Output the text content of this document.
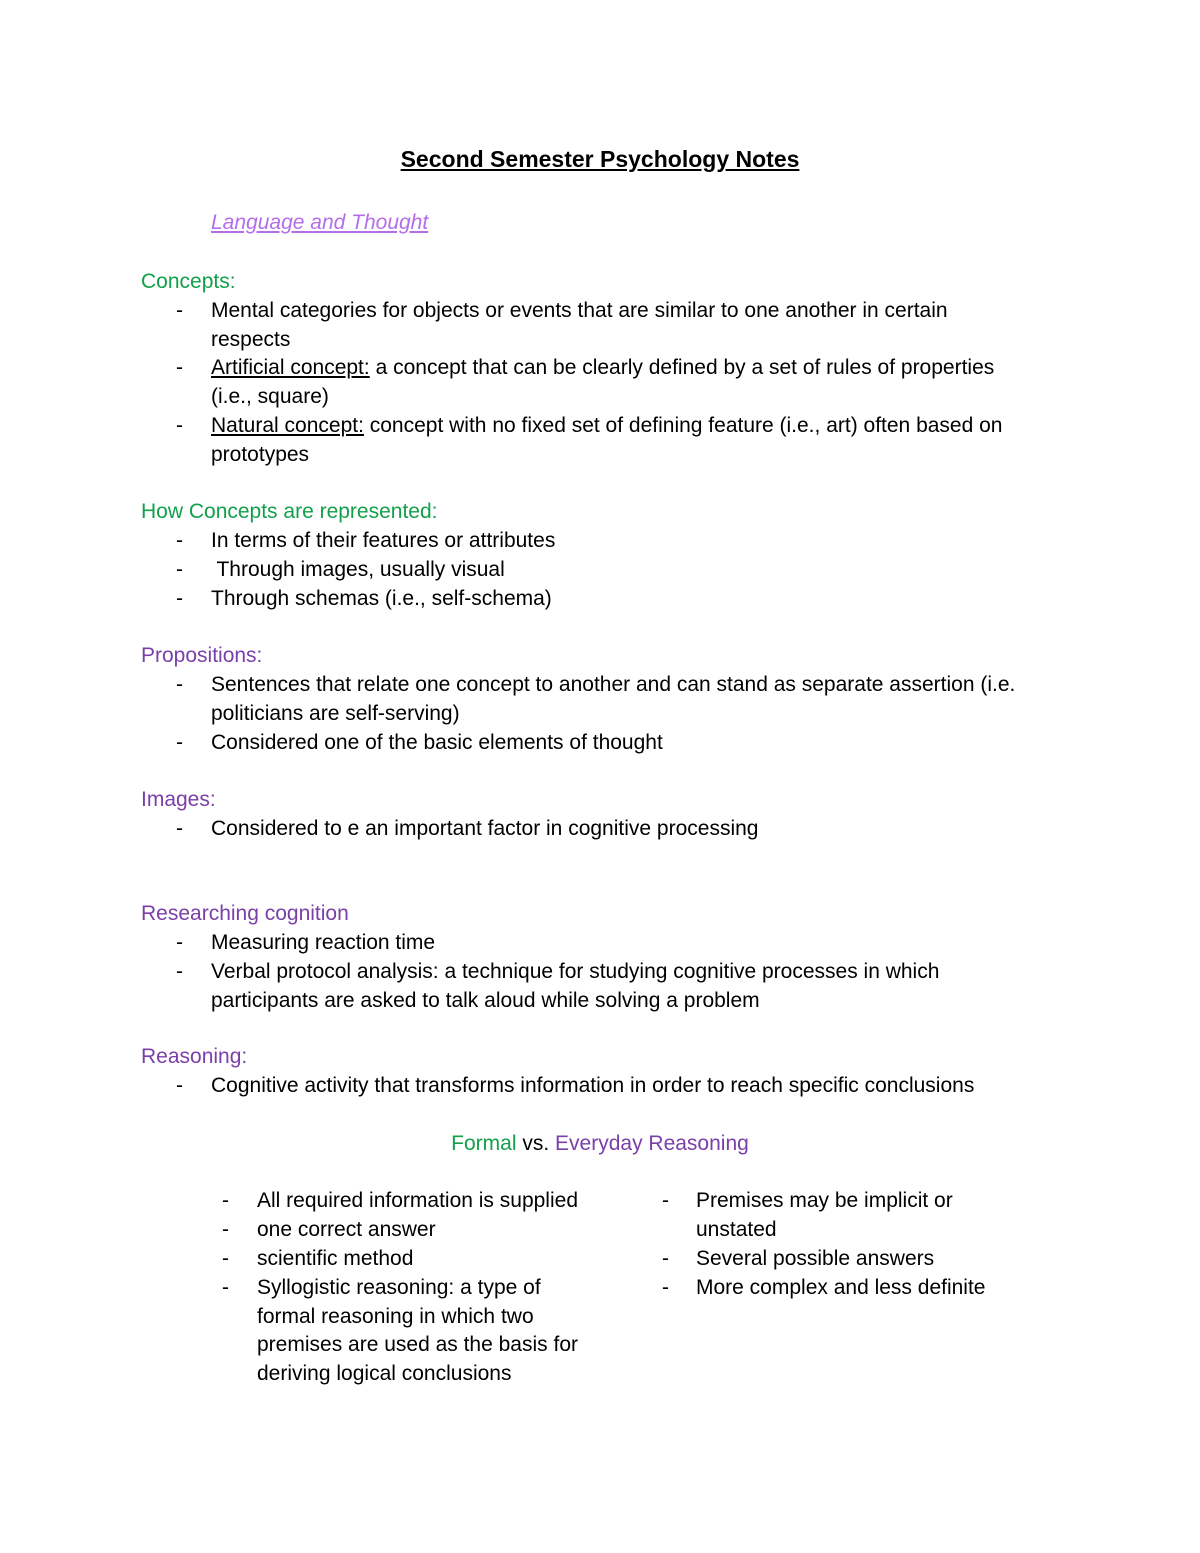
Second Semester Psychology Notes
Language and Thought
Concepts:
- Mental categories for objects or events that are similar to one another in certain
respects
- Artificial concept: a concept that can be clearly defined by a set of rules of properties
(i.e., square)
- Natural concept: concept with no fixed set of defining feature (i.e., art) often based on
prototypes
How Concepts are represented:
- In terms of their features or attributes
- Through images, usually visual
- Through schemas (i.e., self-schema)
Propositions:
- Sentences that relate one concept to another and can stand as separate assertion (i.e.
politicians are self-serving)
- Considered one of the basic elements of thought
Images:
- Considered to e an important factor in cognitive processing
Researching cognition
- Measuring reaction time
- Verbal protocol analysis: a technique for studying cognitive processes in which
participants are asked to talk aloud while solving a problem
Reasoning:
- Cognitive activity that transforms information in order to reach specific conclusions
Formal vs. Everyday Reasoning
- All required information is supplied
- one correct answer
- scientific method
- Syllogistic reasoning: a type of
formal reasoning in which two
premises are used as the basis for
deriving logical conclusions
- Premises may be implicit or
unstated
- Several possible answers
- More complex and less definite
